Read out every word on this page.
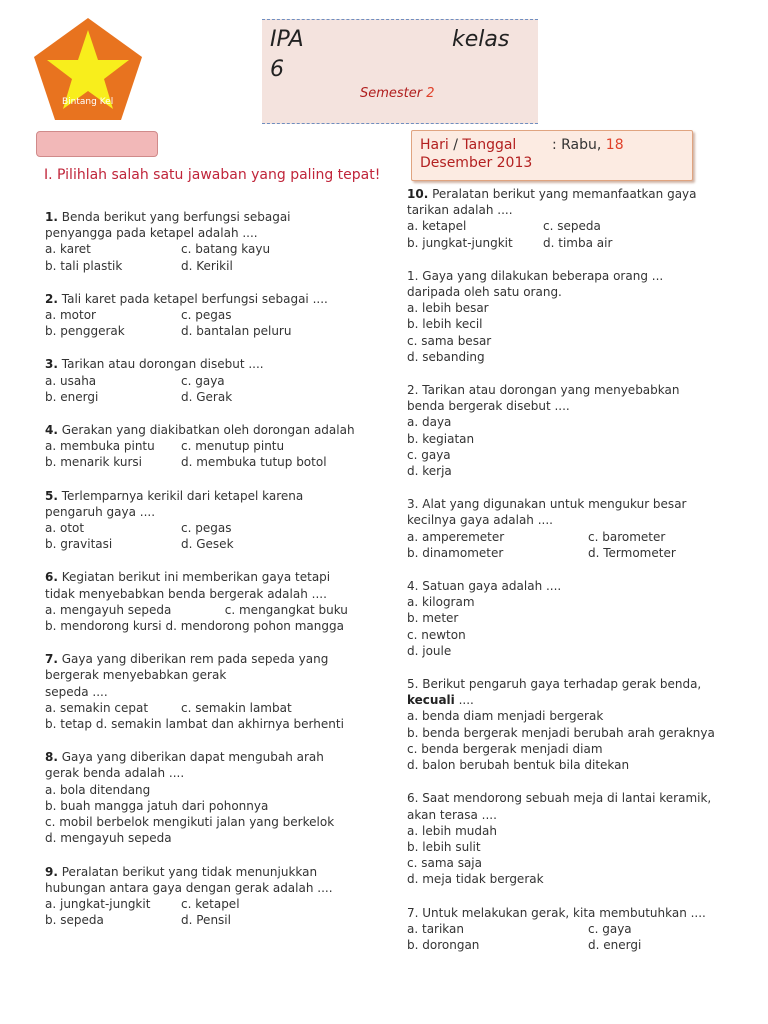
Bintang Kel
IPA	kelas
6
Semester 2
Hari / Tanggal	: Rabu, 18
Desember 2013
I. Pilihlah salah satu jawaban yang paling tepat!
1. Benda berikut yang berfungsi sebagai
penyangga pada ketapel adalah ....
a. karet	c. batang kayu
b. tali plastik	d. Kerikil
2. Tali karet pada ketapel berfungsi sebagai ....
a. motor	c. pegas
b. penggerak	d. bantalan peluru
3. Tarikan atau dorongan disebut ....
a. usaha	c. gaya
b. energi	d. Gerak
4. Gerakan yang diakibatkan oleh dorongan adalah
a. membuka pintu	c. menutup pintu
b. menarik kursi	d. membuka tutup botol
5. Terlemparnya kerikil dari ketapel karena
pengaruh gaya ....
a. otot	c. pegas
b. gravitasi	d. Gesek
6. Kegiatan berikut ini memberikan gaya tetapi
tidak menyebabkan benda bergerak adalah ....
a. mengayuh sepeda              c. mengangkat buku
b. mendorong kursi d. mendorong pohon mangga
7. Gaya yang diberikan rem pada sepeda yang
bergerak menyebabkan gerak
sepeda ....
a. semakin cepat	c. semakin lambat
b. tetap d. semakin lambat dan akhirnya berhenti
8. Gaya yang diberikan dapat mengubah arah
gerak benda adalah ....
a. bola ditendang
b. buah mangga jatuh dari pohonnya
c. mobil berbelok mengikuti jalan yang berkelok
d. mengayuh sepeda
9. Peralatan berikut yang tidak menunjukkan
hubungan antara gaya dengan gerak adalah ....
a. jungkat-jungkit	c. ketapel
b. sepeda	d. Pensil
10. Peralatan berikut yang memanfaatkan gaya
tarikan adalah ....
a. ketapel	c. sepeda
b. jungkat-jungkit	d. timba air
1. Gaya yang dilakukan beberapa orang ...
daripada oleh satu orang.
a. lebih besar
b. lebih kecil
c. sama besar
d. sebanding
2. Tarikan atau dorongan yang menyebabkan
benda bergerak disebut ....
a. daya
b. kegiatan
c. gaya
d. kerja
3. Alat yang digunakan untuk mengukur besar
kecilnya gaya adalah ....
a. amperemeter	c. barometer
b. dinamometer	d. Termometer
4. Satuan gaya adalah ....
a. kilogram
b. meter
c. newton
d. joule
5. Berikut pengaruh gaya terhadap gerak benda,
kecuali ....
a. benda diam menjadi bergerak
b. benda bergerak menjadi berubah arah geraknya
c. benda bergerak menjadi diam
d. balon berubah bentuk bila ditekan
6. Saat mendorong sebuah meja di lantai keramik,
akan terasa ....
a. lebih mudah
b. lebih sulit
c. sama saja
d. meja tidak bergerak
7. Untuk melakukan gerak, kita membutuhkan ....
a. tarikan	c. gaya
b. dorongan	d. energi
